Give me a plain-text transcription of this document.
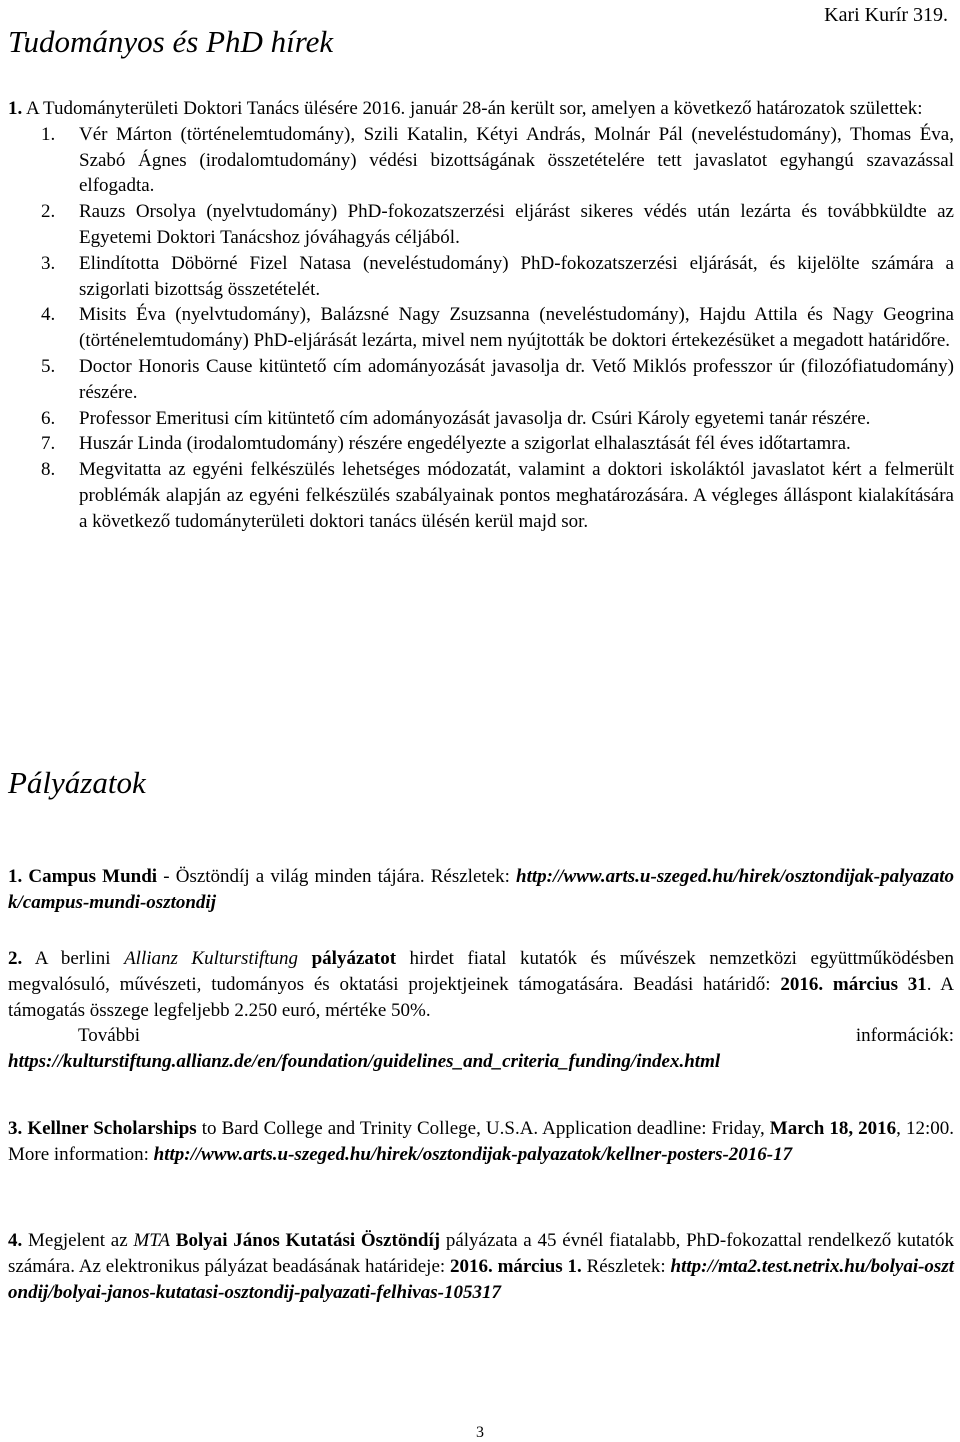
Kari Kurír 319.
Tudományos és PhD hírek
1. A Tudományterületi Doktori Tanács ülésére 2016. január 28-án került sor, amelyen a következő határozatok születtek:
1. Vér Márton (történelemtudomány), Szili Katalin, Kétyi András, Molnár Pál (neveléstudomány), Thomas Éva, Szabó Ágnes (irodalomtudomány) védési bizottságának összetételére tett javaslatot egyhangú szavazással elfogadta.
2. Rauzs Orsolya (nyelvtudomány) PhD-fokozatszerzési eljárást sikeres védés után lezárta és továbbküldte az Egyetemi Doktori Tanácshoz jóváhagyás céljából.
3. Elindította Döbörné Fizel Natasa (neveléstudomány) PhD-fokozatszerzési eljárását, és kijelölte számára a szigorlati bizottság összetételét.
4. Misits Éva (nyelvtudomány), Balázsné Nagy Zsuzsanna (neveléstudomány), Hajdu Attila és Nagy Geogrina (történelemtudomány) PhD-eljárását lezárta, mivel nem nyújtották be doktori értekezésüket a megadott határidőre.
5. Doctor Honoris Cause kitüntető cím adományozását javasolja dr. Vető Miklós professzor úr (filozófiatudomány) részére.
6. Professor Emeritusi cím kitüntető cím adományozását javasolja dr. Csúri Károly egyetemi tanár részére.
7. Huszár Linda (irodalomtudomány) részére engedélyezte a szigorlat elhalasztását fél éves időtartamra.
8. Megvitatta az egyéni felkészülés lehetséges módozatát, valamint a doktori iskoláktól javaslatot kért a felmerült problémák alapján az egyéni felkészülés szabályainak pontos meghatározására. A végleges álláspont kialakítására a következő tudományterületi doktori tanács ülésén kerül majd sor.
Pályázatok
1. Campus Mundi - Ösztöndíj a világ minden tájára. Részletek: http://www.arts.u-szeged.hu/hirek/osztondijak-palyazatok/campus-mundi-osztondij
2. A berlini Allianz Kulturstiftung pályázatot hirdet fiatal kutatók és művészek nemzetközi együttműködésben megvalósuló, művészeti, tudományos és oktatási projektjeinek támogatására. Beadási határidő: 2016. március 31. A támogatás összege legfeljebb 2.250 euró, mértéke 50%.
További információk:
https://kulturstiftung.allianz.de/en/foundation/guidelines_and_criteria_funding/index.html
3. Kellner Scholarships to Bard College and Trinity College, U.S.A. Application deadline: Friday, March 18, 2016, 12:00. More information: http://www.arts.u-szeged.hu/hirek/osztondijak-palyazatok/kellner-posters-2016-17
4. Megjelent az MTA Bolyai János Kutatási Ösztöndíj pályázata a 45 évnél fiatalabb, PhD-fokozattal rendelkező kutatók számára. Az elektronikus pályázat beadásának határideje: 2016. március 1. Részletek: http://mta2.test.netrix.hu/bolyai-osztondij/bolyai-janos-kutatasi-osztondij-palyazati-felhivas-105317
3
